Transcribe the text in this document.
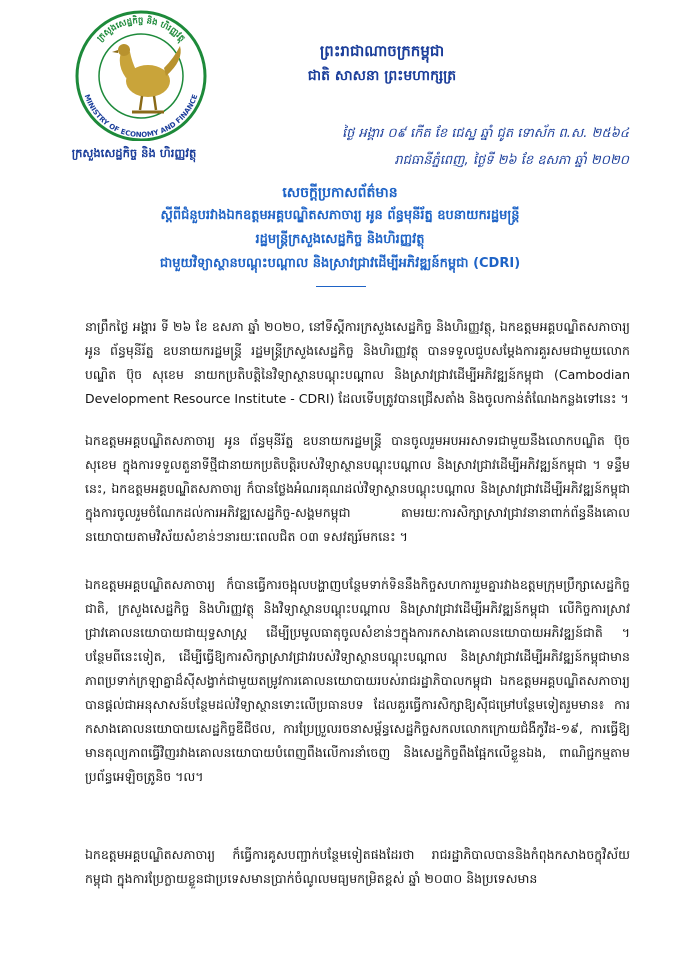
ក្រសួងសេដ្ឋកិច្ច និង ហិរញ្ញវត្ថុ
MINISTRY OF ECONOMY AND FINANCE
ក្រសួងសេដ្ឋកិច្ច និង ហិរញ្ញវត្ថុ
ព្រះរាជាណាចក្រកម្ពុជា
ជាតិ សាសនា ព្រះមហាក្សត្រ
ថ្ងៃ អង្គារ ០៩ កើត ខែ ជេស្ឋ ឆ្នាំ ជូត ទោស័ក ព.ស. ២៥៦៤
រាជធានីភ្នំពេញ, ថ្ងៃទី ២៦ ខែ ឧសភា ឆ្នាំ ២០២០
សេចក្តីប្រកាសព័ត៌មាន
ស្តីពីជំនួបរវាងឯកឧត្តមអគ្គបណ្ឌិតសភាចារ្យ អូន ព័ន្ធមុនីរ័ត្ន ឧបនាយករដ្ឋមន្ត្រី
រដ្ឋមន្ត្រីក្រសួងសេដ្ឋកិច្ច និងហិរញ្ញវត្ថុ
ជាមួយវិទ្យាស្ថានបណ្តុះបណ្តាល និងស្រាវជ្រាវដើម្បីអភិវឌ្ឍន៍កម្ពុជា (CDRI)

នាព្រឹកថ្ងៃ អង្គារ ទី ២៦ ខែ ឧសភា ឆ្នាំ ២០២០, នៅទីស្តីការក្រសួងសេដ្ឋកិច្ច និងហិរញ្ញវត្ថុ, ឯកឧត្តមអគ្គបណ្ឌិតសភាចារ្យ អូន ព័ន្ធមុនីរ័ត្ន ឧបនាយករដ្ឋមន្ត្រី រដ្ឋមន្ត្រីក្រសួងសេដ្ឋកិច្ច និងហិរញ្ញវត្ថុ បានទទួលជួបសម្តែងការគួរសមជាមួយលោកបណ្ឌិត ប៊ុច សុខេម នាយកប្រតិបត្តិនៃវិទ្យាស្ថានបណ្តុះបណ្តាល និងស្រាវជ្រាវដើម្បីអភិវឌ្ឍន៍កម្ពុជា (Cambodian Development Resource Institute - CDRI) ដែលទើបត្រូវបានជ្រើសតាំង និងចូលកាន់តំណែងកន្លងទៅនេះ ។

ឯកឧត្តមអគ្គបណ្ឌិតសភាចារ្យ អូន ព័ន្ធមុនីរ័ត្ន ឧបនាយករដ្ឋមន្ត្រី បានចូលរួមអបអរសាទរជាមួយនឹងលោកបណ្ឌិត ប៊ុច សុខេម ក្នុងការទទួលតួនាទីថ្មីជានាយកប្រតិបត្តិរបស់វិទ្យាស្ថានបណ្តុះបណ្តាល និងស្រាវជ្រាវដើម្បីអភិវឌ្ឍន៍កម្ពុជា ។ ទន្ទឹមនេះ, ឯកឧត្តមអគ្គបណ្ឌិតសភាចារ្យ ក៏បានថ្លែងអំណរគុណដល់វិទ្យាស្ថានបណ្តុះបណ្តាល និងស្រាវជ្រាវដើម្បីអភិវឌ្ឍន៍កម្ពុជា ក្នុងការចូលរួមចំណែកដល់ការអភិវឌ្ឍសេដ្ឋកិច្ច-សង្គមកម្ពុជា តាមរយៈការសិក្សាស្រាវជ្រាវនានាពាក់ព័ន្ធនឹងគោលនយោបាយតាមវិស័យសំខាន់ៗនារយៈពេលជិត ០៣ ទសវត្សរ៍មកនេះ ។

ឯកឧត្តមអគ្គបណ្ឌិតសភាចារ្យ ក៏បានធ្វើការចង្អុលបង្ហាញបន្ថែមទាក់ទិននឹងកិច្ចសហការរួមគ្នារវាងឧត្តមក្រុមប្រឹក្សាសេដ្ឋកិច្ចជាតិ, ក្រសួងសេដ្ឋកិច្ច និងហិរញ្ញវត្ថុ និងវិទ្យាស្ថានបណ្តុះបណ្តាល និងស្រាវជ្រាវដើម្បីអភិវឌ្ឍន៍កម្ពុជា លើកិច្ចការស្រាវជ្រាវគោលនយោបាយជាយុទ្ធសាស្ត្រ ដើម្បីប្រមូលធាតុចូលសំខាន់ៗក្នុងការកសាងគោលនយោបាយអភិវឌ្ឍន៍ជាតិ ។ បន្ថែមពីនេះទៀត, ដើម្បីធ្វើឱ្យការសិក្សាស្រាវជ្រាវរបស់វិទ្យាស្ថានបណ្តុះបណ្តាល និងស្រាវជ្រាវដើម្បីអភិវឌ្ឍន៍កម្ពុជាមានភាពប្រទាក់ក្រឡាគ្នាដ៏ស៊ីសង្វាក់ជាមួយតម្រូវការគោលនយោបាយរបស់រាជរដ្ឋាភិបាលកម្ពុជា ឯកឧត្តមអគ្គបណ្ឌិតសភាចារ្យ បានផ្តល់ជាអនុសាសន៍បន្ថែមដល់វិទ្យាស្ថានទោះលើប្រធានបទ ដែលគួរធ្វើការសិក្សាឱ្យស៊ីជម្រៅបន្ថែមទៀតរួមមាន៖ ការកសាងគោលនយោបាយសេដ្ឋកិច្ចឌីជីថល, ការប្រែប្រួលរចនាសម្ព័ន្ធសេដ្ឋកិច្ចសកលលោកក្រោយជំងឺកូវីដ-១៩, ការធ្វើឱ្យមានតុល្យភាពធ្វើវិញរវាងគោលនយោបាយបំពេញពឹងលើការនាំចេញ និងសេដ្ឋកិច្ចពឹងផ្អែកលើខ្លួនឯង, ពាណិជ្ជកម្មតាមប្រព័ន្ធអេឡិចត្រូនិច ។ល។

ឯកឧត្តមអគ្គបណ្ឌិតសភាចារ្យ ក៏ធ្វើការគូសបញ្ជាក់បន្ថែមទៀតផងដែរថា រាជរដ្ឋាភិបាលបាននិងកំពុងកសាងចក្ខុវិស័យកម្ពុជា ក្នុងការប្រែក្លាយខ្លួនជាប្រទេសមានប្រាក់ចំណូលមធ្យមកម្រិតខ្ពស់ ឆ្នាំ ២០៣០ និងប្រទេសមាន
